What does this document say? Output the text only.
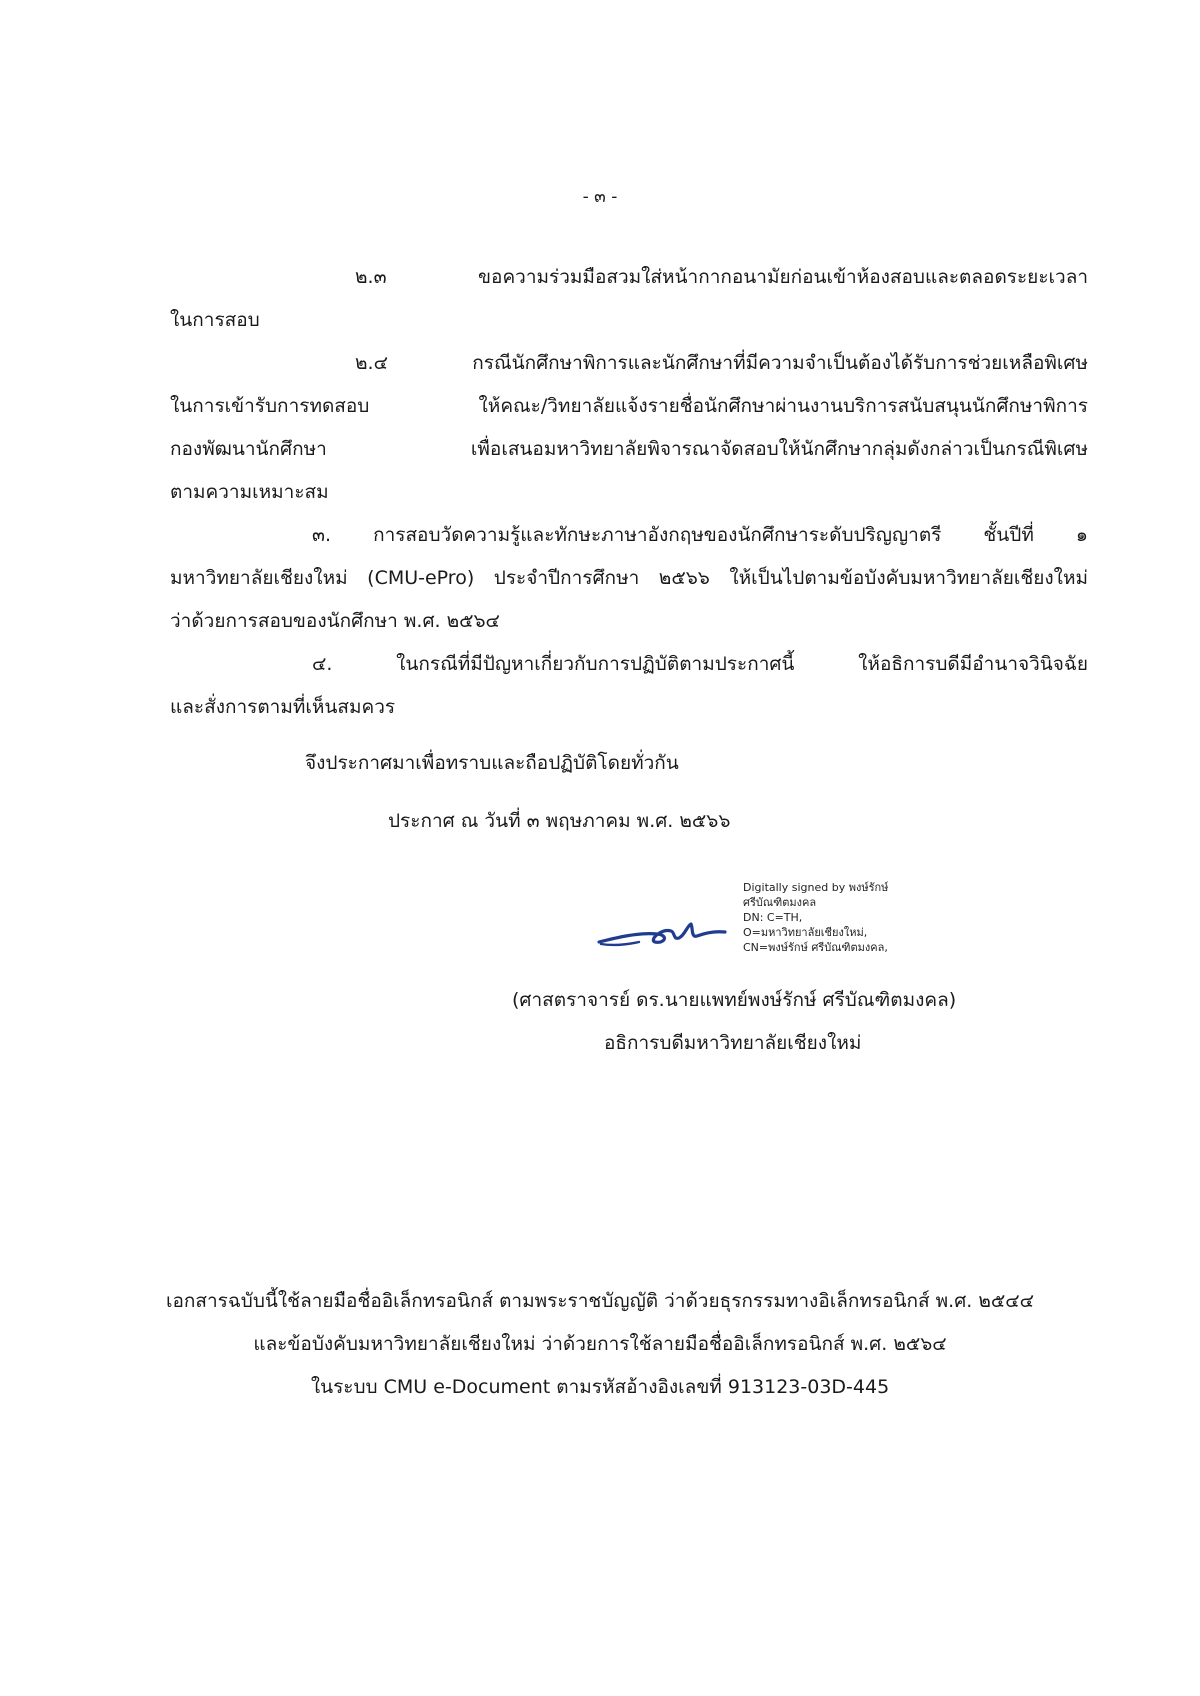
- ๓ -
๒.๓ ขอความร่วมมือสวมใส่หน้ากากอนามัยก่อนเข้าห้องสอบและตลอดระยะเวลา
ในการสอบ
๒.๔ กรณีนักศึกษาพิการและนักศึกษาที่มีความจำเป็นต้องได้รับการช่วยเหลือพิเศษ
ในการเข้ารับการทดสอบ ให้คณะ/วิทยาลัยแจ้งรายชื่อนักศึกษาผ่านงานบริการสนับสนุนนักศึกษาพิการ
กองพัฒนานักศึกษา เพื่อเสนอมหาวิทยาลัยพิจารณาจัดสอบให้นักศึกษากลุ่มดังกล่าวเป็นกรณีพิเศษ
ตามความเหมาะสม
๓. การสอบวัดความรู้และทักษะภาษาอังกฤษของนักศึกษาระดับปริญญาตรี ชั้นปีที่ ๑
มหาวิทยาลัยเชียงใหม่ (CMU-ePro) ประจำปีการศึกษา ๒๕๖๖ ให้เป็นไปตามข้อบังคับมหาวิทยาลัยเชียงใหม่
ว่าด้วยการสอบของนักศึกษา พ.ศ. ๒๕๖๔
๔. ในกรณีที่มีปัญหาเกี่ยวกับการปฏิบัติตามประกาศนี้ ให้อธิการบดีมีอำนาจวินิจฉัย
และสั่งการตามที่เห็นสมควร
จึงประกาศมาเพื่อทราบและถือปฏิบัติโดยทั่วกัน
ประกาศ ณ วันที่ ๓ พฤษภาคม พ.ศ. ๒๕๖๖
Digitally signed by พงษ์รักษ์
ศรีบัณฑิตมงคล
DN: C=TH,
O=มหาวิทยาลัยเชียงใหม่,
CN=พงษ์รักษ์ ศรีบัณฑิตมงคล,
(ศาสตราจารย์ ดร.นายแพทย์พงษ์รักษ์ ศรีบัณฑิตมงคล)
อธิการบดีมหาวิทยาลัยเชียงใหม่
เอกสารฉบับนี้ใช้ลายมือชื่ออิเล็กทรอนิกส์ ตามพระราชบัญญัติ ว่าด้วยธุรกรรมทางอิเล็กทรอนิกส์ พ.ศ. ๒๕๔๔
และข้อบังคับมหาวิทยาลัยเชียงใหม่ ว่าด้วยการใช้ลายมือชื่ออิเล็กทรอนิกส์ พ.ศ. ๒๕๖๔
ในระบบ CMU e-Document ตามรหัสอ้างอิงเลขที่ 913123-03D-445
